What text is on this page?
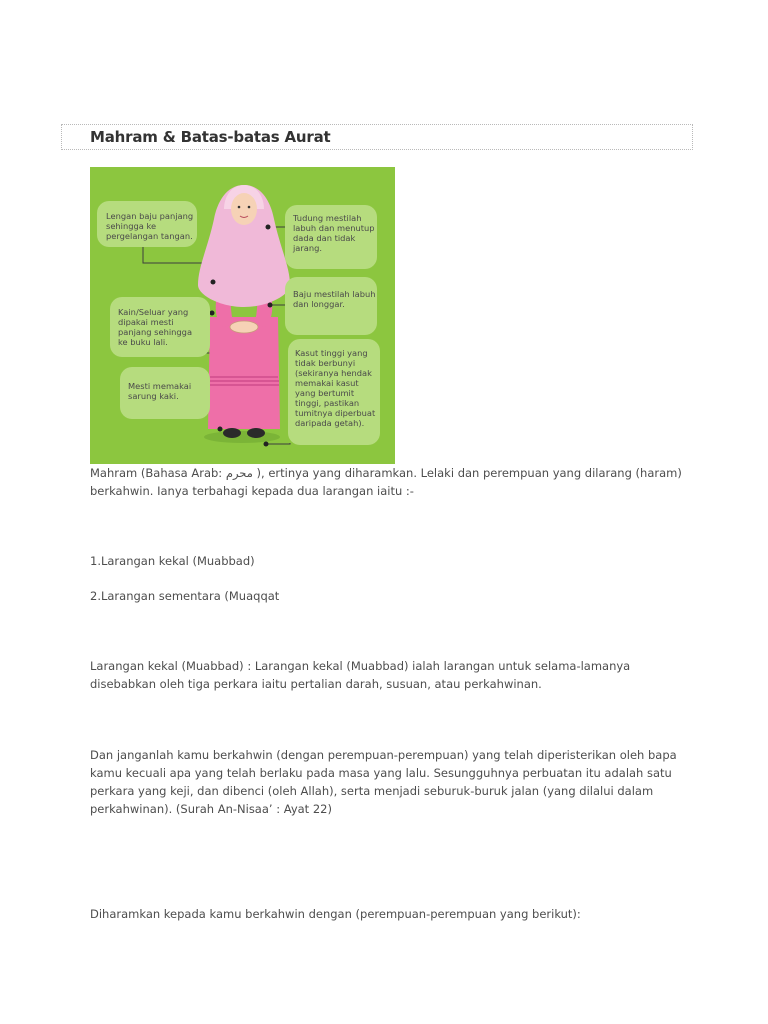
Mahram & Batas-batas Aurat
Lengan baju panjang sehingga ke pergelangan tangan.
Tudung mestilah labuh dan menutup dada dan tidak jarang.
Baju mestilah labuh dan longgar.
Kain/Seluar yang dipakai mesti panjang sehingga ke buku lali.
Kasut tinggi yang tidak berbunyi (sekiranya hendak memakai kasut yang bertumit tinggi, pastikan tumitnya diperbuat daripada getah).
Mesti memakai sarung kaki.

Mahram (Bahasa Arab: محرم ), ertinya yang diharamkan. Lelaki dan perempuan yang dilarang (haram)
berkahwin. Ianya terbahagi kepada dua larangan iaitu :-

1.Larangan kekal (Muabbad)

2.Larangan sementara (Muaqqat

Larangan kekal (Muabbad) : Larangan kekal (Muabbad) ialah larangan untuk selama-lamanya
disebabkan oleh tiga perkara iaitu pertalian darah, susuan, atau perkahwinan.

Dan janganlah kamu berkahwin (dengan perempuan-perempuan) yang telah diperisterikan oleh bapa
kamu kecuali apa yang telah berlaku pada masa yang lalu. Sesungguhnya perbuatan itu adalah satu
perkara yang keji, dan dibenci (oleh Allah), serta menjadi seburuk-buruk jalan (yang dilalui dalam
perkahwinan). (Surah An-Nisaa’ : Ayat 22)

Diharamkan kepada kamu berkahwin dengan (perempuan-perempuan yang berikut):
